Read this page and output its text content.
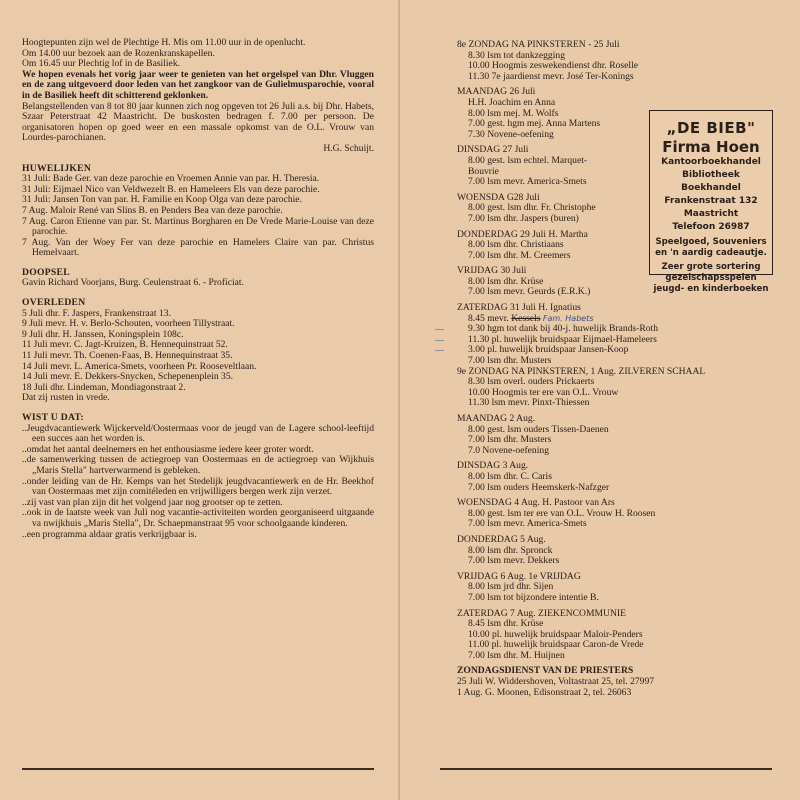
Hoogtepunten zijn wel de Plechtige H. Mis om 11.00 uur in de openlucht.

Om 14.00 uur bezoek aan de Rozenkranskapellen.

Om 16.45 uur Plechtig lof in de Basiliek.

We hopen evenals het vorig jaar weer te genieten van het orgelspel van Dhr. Vluggen en de zang uitgevoerd door leden van het zangkoor van de Gulielmusparochie, vooral in de Basiliek heeft dit schitterend geklonken.

Belangstellenden van 8 tot 80 jaar kunnen zich nog opgeven tot 26 Juli a.s. bij Dhr. Habets, Szaar Peterstraat 42 Maastricht. De buskosten bedragen f. 7.00 per persoon. De organisatoren hopen op goed weer en een massale opkomst van de O.L. Vrouw van Lourdes-parochianen.

H.G. Schuijt.

HUWELIJKEN

31 Juli: Bade Ger. van deze parochie en Vroemen Annie van par. H. Theresia.

31 Juli: Eijmael Nico van Veldwezelt B. en Hameleers Els van deze parochie.

31 Juli: Jansen Ton van par. H. Familie en Koop Olga van deze parochie.

7 Aug. Maloir René van Slins B. en Penders Bea van deze parochie.

7 Aug. Caron Etienne van par. St. Martinus Borgharen en De Vrede Marie-Louise van deze parochie.

7 Aug. Van der Woey Fer van deze parochie en Hamelers Claire van par. Christus Hemelvaart.

DOOPSEL

Gavin Richard Voorjans, Burg. Ceulenstraat 6. - Proficiat.

OVERLEDEN

5 Juli dhr. F. Jaspers, Frankenstraat 13.

9 Juli mevr. H. v. Berlo-Schouten, voorheen Tillystraat.

9 Juli dhr. H. Janssen, Koningsplein 108c.

11 Juli mevr. C. Jagt-Kruizen, B. Hennequinstraat 52.

11 Juli mevr. Th. Coenen-Faas, B. Hennequinstraat 35.

14 Juli mevr. L. America-Smets, voorheen Pr. Rooseveltlaan.

14 Juli mevr. E. Dekkers-Snycken, Schepenenplein 35.

18 Juli dhr. Lindeman, Mondiagonstraat 2.

Dat zij rusten in vrede.

WIST U DAT:

..Jeugdvacantiewerk Wijckerveld/Oostermaas voor de jeugd van de Lagere school-leeftijd een succes aan het worden is.

..omdat het aantal deelnemers en het enthousiasme iedere keer groter wordt.

..de samenwerking tussen de actiegroep van Oostermaas en de actiegroep van Wijkhuis „Maris Stella" hartverwarmend is gebleken.

..onder leiding van de Hr. Kemps van het Stedelijk jeugdvacantiewerk en de Hr. Beekhof van Oostermaas met zijn comitéleden en vrijwilligers bergen werk zijn verzet.

..zij vast van plan zijn dit het volgend jaar nog grootser op te zetten.

..ook in de laatste week van Juli nog vacantie-activiteiten worden georganiseerd uitgaande va nwijkhuis „Maris Stella", Dr. Schaepmanstraat 95 voor schoolgaande kinderen.

..een programma aldaar gratis verkrijgbaar is.

8e ZONDAG NA PINKSTEREN - 25 Juli
8.30 lsm tot dankzegging
10.00 Hoogmis zeswekendienst dhr. Roselle
11.30 7e jaardienst mevr. José Ter-Konings
MAANDAG 26 Juli
H.H. Joachim en Anna
8.00 lsm mej. M. Wolfs
7.00 gest. hgm mej. Anna Martens
7.30 Novene-oefening
DINSDAG 27 Juli
8.00 gest. lsm echtel. Marquet-
Bouvrie
7.00 lsm mevr. America-Smets
WOENSDA G28 Juli
8.00 gest. lsm dhr. Fr. Christophe
7.00 lsm dhr. Jaspers (buren)
DONDERDAG 29 Juli H. Martha
8.00 lsm dhr. Christiaans
7.00 lsm dhr. M. Creemers
VRIJDAG 30 Juli
8.00 lsm dhr. Krüse
7.00 lsm mevr. Geurds (E.R.K.)
ZATERDAG 31 Juli H. Ignatius
8.45 mevr. Kessels Fam. Habets
—	9.30 hgm tot dank bij 40-j. huwelijk Brands-Roth
—	11.30 pl. huwelijk bruidspaar Eijmael-Hameleers
—	3.00 pl. huwelijk bruidspaar Jansen-Koop
7.00 lsm dhr. Musters
9e ZONDAG NA PINKSTEREN, 1 Aug. ZILVEREN SCHAAL
8.30 lsm overl. ouders Prickaerts
10.00 Hoogmis ter ere van O.L. Vrouw
11.30 lsm mevr. Pinxt-Thiessen
MAANDAG 2 Aug.
8.00 gest. lsm ouders Tissen-Daenen
7.00 lsm dhr. Musters
7.0 Novene-oefening
DINSDAG 3 Aug.
8.00 lsm dhr. C. Caris
7.00 lsm ouders Heemskerk-Nafzger
WOENSDAG 4 Aug. H. Pastoor van Ars
8.00 gest. lsm ter ere van O.L. Vrouw H. Roosen
7.00 lsm mevr. America-Smets
DONDERDAG 5 Aug.
8.00 lsm dhr. Spronck
7.00 lsm mevr. Dekkers
VRIJDAG 6 Aug. 1e VRIJDAG
8.00 lsm jrd dhr. Sijen
7.00 lsm tot bijzondere intentie B.
ZATERDAG 7 Aug. ZIEKENCOMMUNIE
8.45 lsm dhr. Krüse
10.00 pl. huwelijk bruidspaar Maloir-Penders
11.00 pl. huwelijk bruidspaar Caron-de Vrede
7.00 lsm dhr. M. Huijnen
ZONDAGSDIENST VAN DE PRIESTERS
25 Juli W. Widdershoven, Voltastraat 25, tel. 27997
1 Aug. G. Moonen, Edisonstraat 2, tel. 26063
„DE BIEB"
Firma Hoen
Kantoorboekhandel
Bibliotheek
Boekhandel
Frankenstraat 132
Maastricht
Telefoon 26987
Speelgoed, Souveniers
en 'n aardig cadeautje.
Zeer grote sortering
gezelschapsspelen
jeugd- en kinderboeken
